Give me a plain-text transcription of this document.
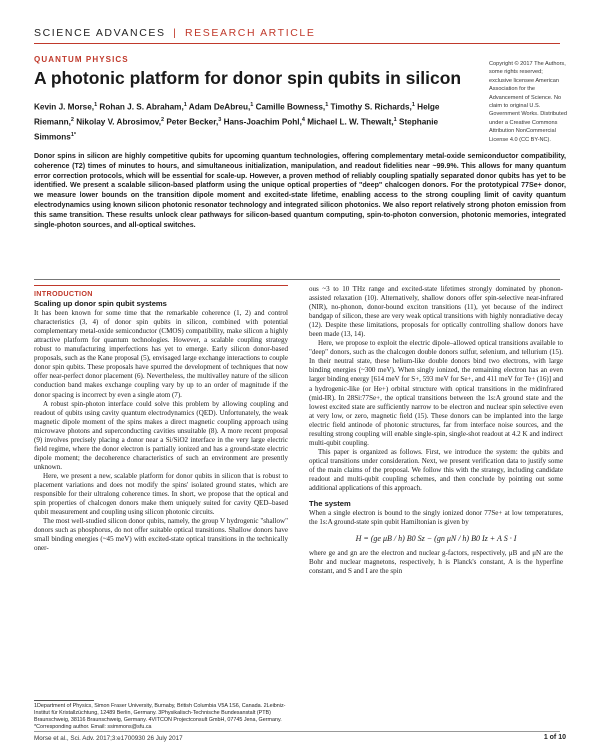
SCIENCE ADVANCES | RESEARCH ARTICLE
QUANTUM PHYSICS
A photonic platform for donor spin qubits in silicon
Kevin J. Morse,$^1$ Rohan J. S. Abraham,$^1$ Adam DeAbreu,$^1$ Camille Bowness,$^1$ Timothy S. Richards,$^1$ Helge Riemann,$^2$ Nikolay V. Abrosimov,$^2$ Peter Becker,$^3$ Hans-Joachim Pohl,$^4$ Michael L. W. Thewalt,$^1$ Stephanie Simmons$^{1*}$
Copyright © 2017 The Authors, some rights reserved; exclusive licensee American Association for the Advancement of Science. No claim to original U.S. Government Works. Distributed under a Creative Commons Attribution NonCommercial License 4.0 (CC BY-NC).

Donor spins in silicon are highly competitive qubits for upcoming quantum technologies, offering complementary metal-oxide semiconductor compatibility, coherence (T2) times of minutes to hours, and simultaneous initialization, manipulation, and readout fidelities near ~99.9%. This allows for many quantum error correction protocols, which will be essential for scale-up. However, a proven method of reliably coupling spatially separated donor qubits has yet to be identified. We present a scalable silicon-based platform using the unique optical properties of "deep" chalcogen donors. For the prototypical 77Se+ donor, we measure lower bounds on the transition dipole moment and excited-state lifetime, enabling access to the strong coupling limit of cavity quantum electrodynamics using known silicon photonic resonator technology and integrated silicon photonics. We also report relatively strong photon emission from this same transition. These results unlock clear pathways for silicon-based quantum computing, spin-to-photon conversion, photonic memories, integrated single-photon sources, and all-optical switches.

INTRODUCTION
Scaling up donor spin qubit systems

It has been known for some time that the remarkable coherence (1, 2) and control characteristics (3, 4) of donor spin qubits in silicon, combined with potential complementary metal-oxide semiconductor (CMOS) compatibility, make silicon a highly attractive platform for quantum technologies. However, a scalable coupling strategy robust to manufacturing imperfections has yet to emerge. Early silicon donor-based proposals, such as the Kane proposal (5), envisaged large exchange interactions to couple donor spin qubits. These proposals have spurred the development of techniques that now offer near-perfect donor placement (6). Nevertheless, the multivalley nature of the silicon conduction band makes exchange coupling vary by up to an order of magnitude if the donor spacing is incorrect by even a single atom (7).

A robust spin-photon interface could solve this problem by allowing coupling and readout of qubits using cavity quantum electrodynamics (QED). Unfortunately, the weak magnetic dipole moment of the spins makes a direct magnetic coupling approach using microwave photons and superconducting cavities unsuitable (8). A more recent proposal (9) involves precisely placing a donor near a Si/SiO2 interface in the very large electric field regime, where the donor electron is partially ionized and has a ground-state electric dipole moment; the decoherence characteristics of such an environment are presently unknown.

Here, we present a new, scalable platform for donor qubits in silicon that is robust to placement variations and does not modify the spins' isolated ground states, which are responsible for their ultralong coherence times. In short, we propose that the optical and spin properties of chalcogen donors make them uniquely suited for cavity QED–based qubit measurement and coupling using silicon photonic circuits.

The most well-studied silicon donor qubits, namely, the group V hydrogenic "shallow" donors such as phosphorus, do not offer suitable optical transitions. Shallow donors have small binding energies (~45 meV) with excited-state optical transitions in the technically oner-

1Department of Physics, Simon Fraser University, Burnaby, British Columbia V5A 1S6, Canada. 2Leibniz-Institut für Kristallzüchtung, 12489 Berlin, Germany. 3Physikalisch-Technische Bundesanstalt (PTB) Braunschweig, 38116 Braunschweig, Germany. 4VITCON Projectconsult GmbH, 07745 Jena, Germany.
*Corresponding author. Email: ssimmons@sfu.ca

ous ~3 to 10 THz range and excited-state lifetimes strongly dominated by phonon-assisted relaxation (10). Alternatively, shallow donors offer spin-selective near-infrared (NIR), no-phonon, donor-bound exciton transitions (11), yet because of the indirect bandgap of silicon, these are very weak optical transitions with highly nonradiative decay (12). Despite these limitations, proposals for optically controlling shallow donors have been made (13, 14).

Here, we propose to exploit the electric dipole–allowed optical transitions available to "deep" donors, such as the chalcogen double donors sulfur, selenium, and tellurium (15). In their neutral state, these helium-like double donors bind two electrons, with large binding energies (~300 meV). When singly ionized, the remaining electron has an even larger binding energy [614 meV for S+, 593 meV for Se+, and 411 meV for Te+ (16)] and a hydrogenic-like (or He+) orbital structure with optical transitions in the midinfrared (mid-IR). In 28Si:77Se+, the optical transitions between the 1s:A ground state and the lowest excited state are sufficiently narrow to be electron and nuclear spin selective even at very low, or zero, magnetic field (15). These donors can be implanted into the large electric field antinode of photonic structures, far from interface noise sources, and the resulting strong coupling will enable single-spin, single-shot readout at 4.2 K and indirect multi-qubit coupling.

This paper is organized as follows. First, we introduce the system: the qubits and optical transitions under consideration. Next, we present verification data to justify some of the main claims of the proposal. We follow this with the strategy, including candidate readout and multi-qubit coupling schemes, and then conclude by pointing out some additional applications of this approach.

The system

When a single electron is bound to the singly ionized donor 77Se+ at low temperatures, the 1s:A ground-state spin qubit Hamiltonian is given by

H = (ge μB / h) B0 Sz − (gn μN / h) B0 Iz + A S · I

where ge and gn are the electron and nuclear g-factors, respectively, μB and μN are the Bohr and nuclear magnetons, respectively, h is Planck's constant, A is the hyperfine constant, and S and I are the spin

Morse et al., Sci. Adv. 2017;3:e1700930 26 July 2017	1 of 10
